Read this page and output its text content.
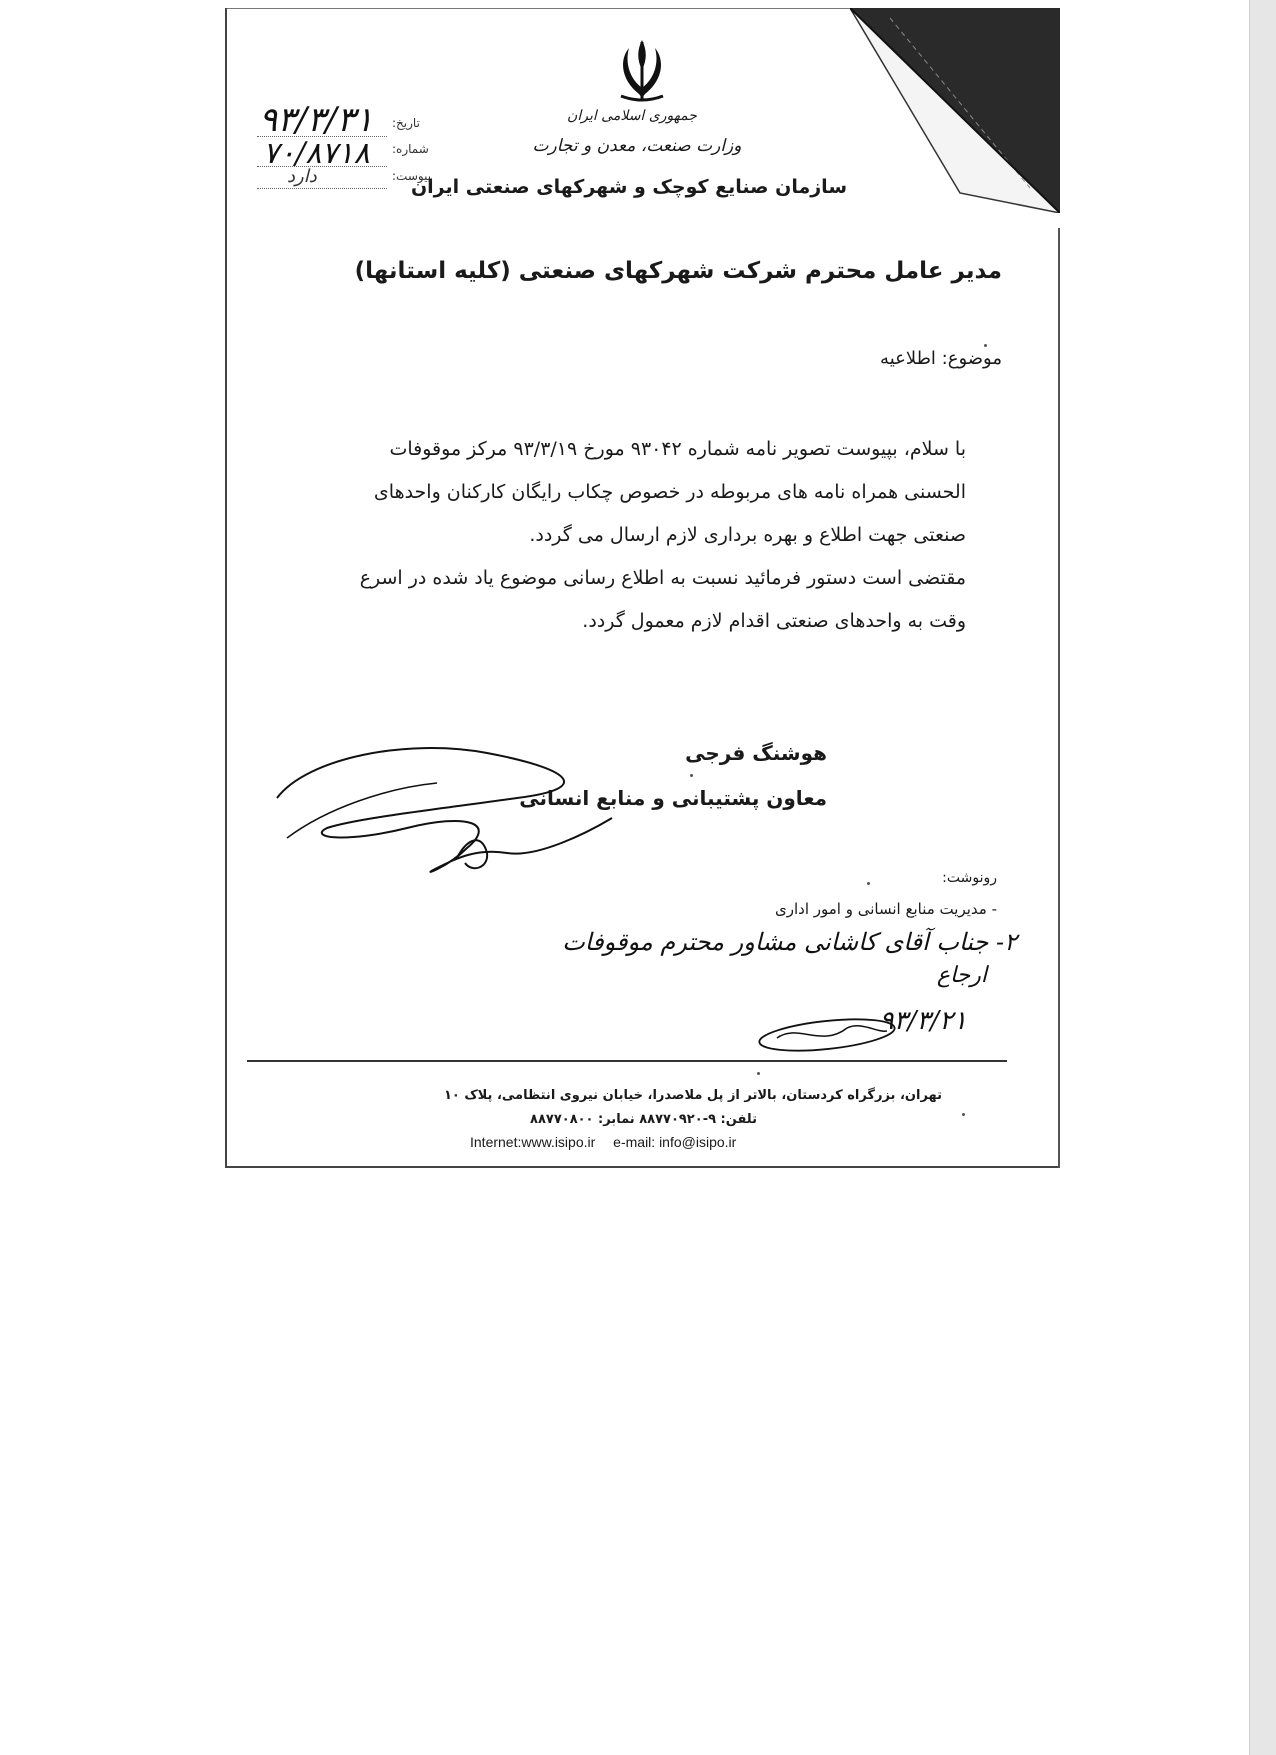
جمهوری اسلامی ایران
وزارت صنعت، معدن و تجارت
سازمان صنایع کوچک و شهرکهای صنعتی ایران
تاریخ:
شماره:
پیوست:
۹۳/۳/۳۱
۷۰/۸۷۱۸
دارد
مدیر عامل محترم شرکت شهرکهای صنعتی (کلیه استانها)
موضوع: اطلاعیه

با سلام، بپیوست تصویر نامه شماره ۹۳۰۴۲ مورخ ۹۳/۳/۱۹ مرکز موقوفات الحسنی همراه نامه های مربوطه در خصوص چکاب رایگان کارکنان واحدهای صنعتی جهت اطلاع و بهره برداری لازم ارسال می گردد.

مقتضی است دستور فرمائید نسبت به اطلاع رسانی موضوع یاد شده در اسرع وقت به واحدهای صنعتی اقدام لازم معمول گردد.

هوشنگ فرجی
معاون پشتیبانی و منابع انسانی
رونوشت:
- مدیریت منابع انسانی و امور اداری
۲- جناب آقای کاشانی مشاور محترم موقوفات
ارجاع
۹۳/۳/۲۱
تهران، بزرگراه کردستان، بالاتر از پل ملاصدرا، خیابان نیروی انتظامی، پلاک ۱۰
تلفن: ۹-۸۸۷۷۰۹۲۰ نمابر: ۸۸۷۷۰۸۰۰
Internet:www.isipo.ir e-mail: info@isipo.ir
